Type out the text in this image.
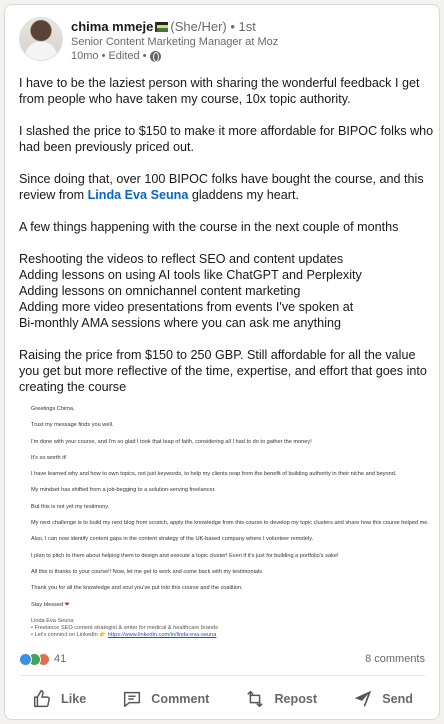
chima mmeje (She/Her) • 1st
Senior Content Marketing Manager at Moz
10mo • Edited •

I have to be the laziest person with sharing the wonderful feedback I get from people who have taken my course, 10x topic authority.

I slashed the price to $150 to make it more affordable for BIPOC folks who had been previously priced out.

Since doing that, over 100 BIPOC folks have bought the course, and this review from Linda Eva Seuna gladdens my heart.

A few things happening with the course in the next couple of months

Reshooting the videos to reflect SEO and content updates

Adding lessons on using AI tools like ChatGPT and Perplexity

Adding lessons on omnichannel content marketing

Adding more video presentations from events I've spoken at

Bi-monthly AMA sessions where you can ask me anything

Raising the price from $150 to 250 GBP. Still affordable for all the value you get but more reflective of the time, expertise, and effort that goes into creating the course

Greetings Chima,

Trust my message finds you well.

I'm done with your course, and I'm so glad I took that leap of faith, considering all I had to do to gather the money!

It's so worth it!

I have learned why and how to own topics, not just keywords, to help my clients reap from the benefit of building authority in their niche and beyond.

My mindset has shifted from a job-begging to a solution-serving freelancer.

But this is not yet my testimony.

My next challenge is to build my next blog from scratch, apply the knowledge from this course to develop my topic clusters and share how this course helped me.

Also, I can now identify content gaps in the content strategy of the UK-based company where I volunteer remotely.

I plan to pitch to them about helping them to design and execute a topic cluster! Even if it's just for building a portfolio's sake!

All this is thanks to your course!! Now, let me get to work and come back with my testimonials.

Thank you for all the knowledge and soul you've put into this course and the coalition.

Stay blessed ❤

Linda Eva Seuna

• Freelance SEO content strategist & writer for medical & healthcare brands

• Let's connect on LinkedIn 👉 https://www.linkedin.com/in/linda-eva-seuna

41	8 comments
Like	Comment	Repost	Send
